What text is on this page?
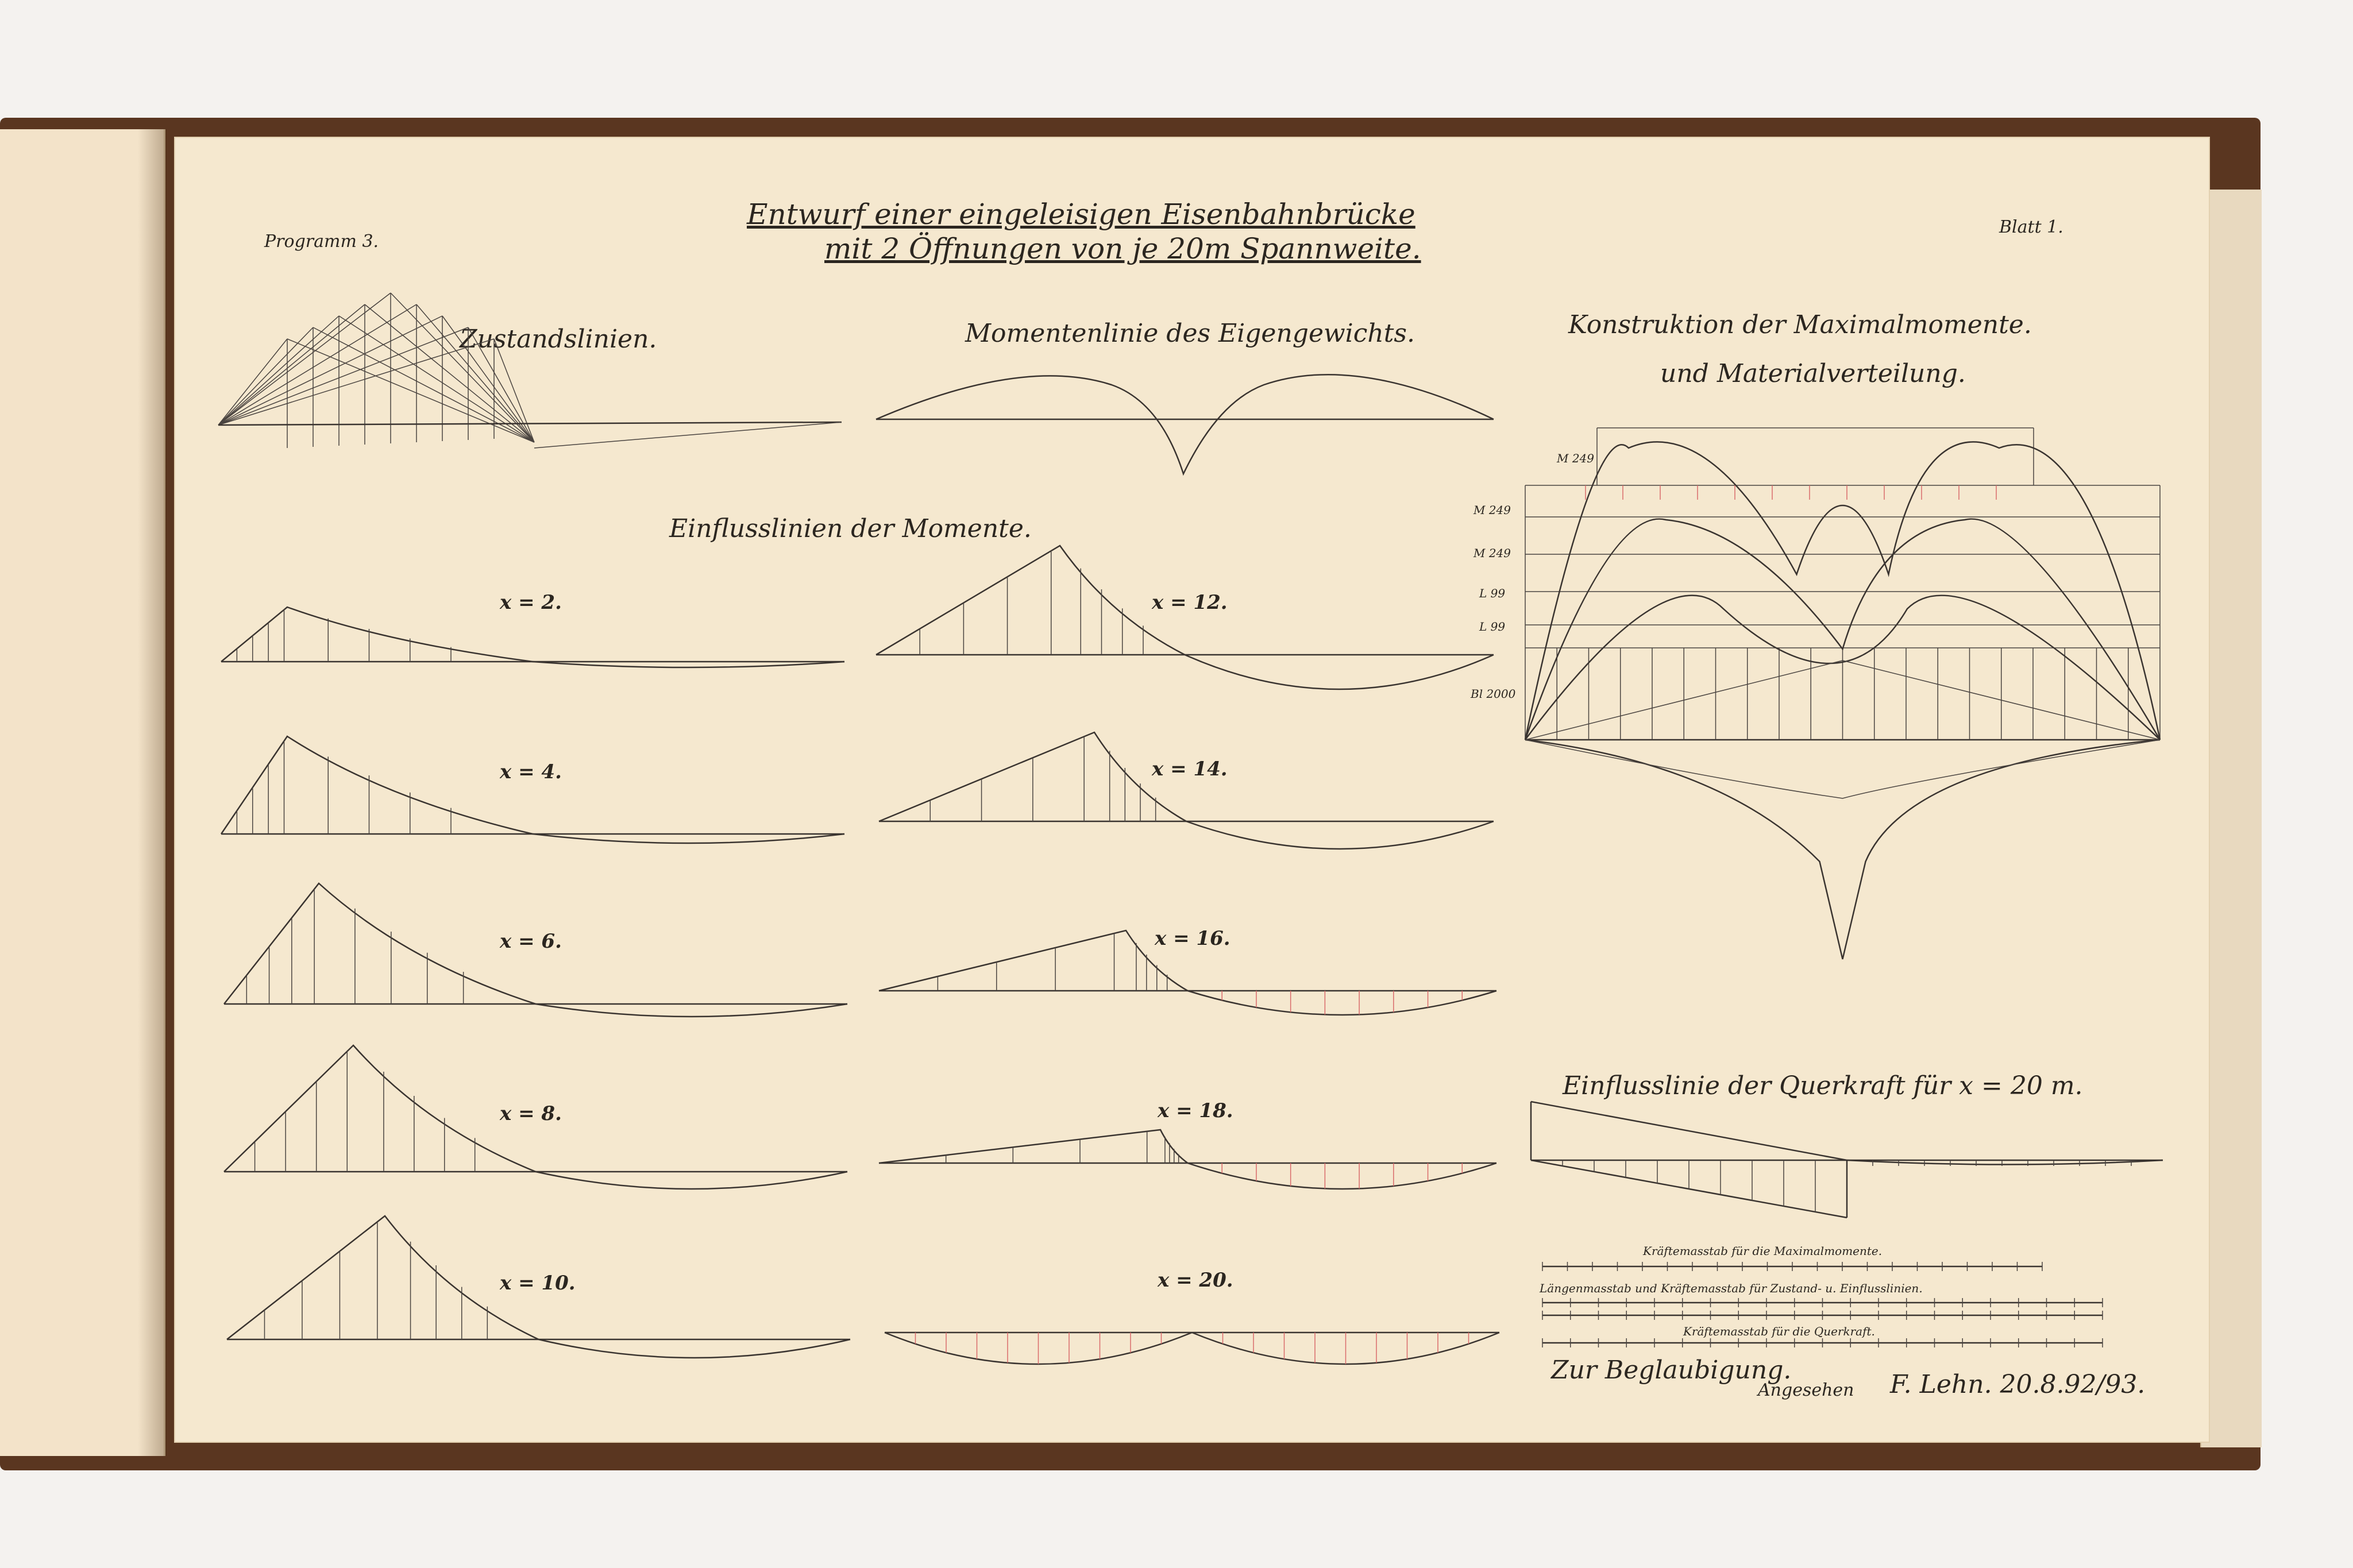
Programm 3.
Entwurf einer eingeleisigen Eisenbahnbrücke
mit 2 Öffnungen von je 20m Spannweite.
Blatt 1.
Zustandslinien.	Momentenlinie des Eigengewichts.	Konstruktion der Maximalmomente.
und Materialverteilung.
M 249
M 249
M 249
L 99
L 99
Bl 2000
Einflusslinien der Momente.
x = 2.
x = 4.
x = 6.
x = 8.
x = 10.
x = 12.
x = 14.
x = 16.
x = 18.
x = 20.
Einflusslinie der Querkraft für x = 20 m.
Kräftemasstab für die Maximalmomente.
Längenmasstab und Kräftemasstab für Zustand- u. Einflusslinien.
Kräftemasstab für die Querkraft.
Zur Beglaubigung.
Angesehen F. Lehn. 20.8.92/93.
